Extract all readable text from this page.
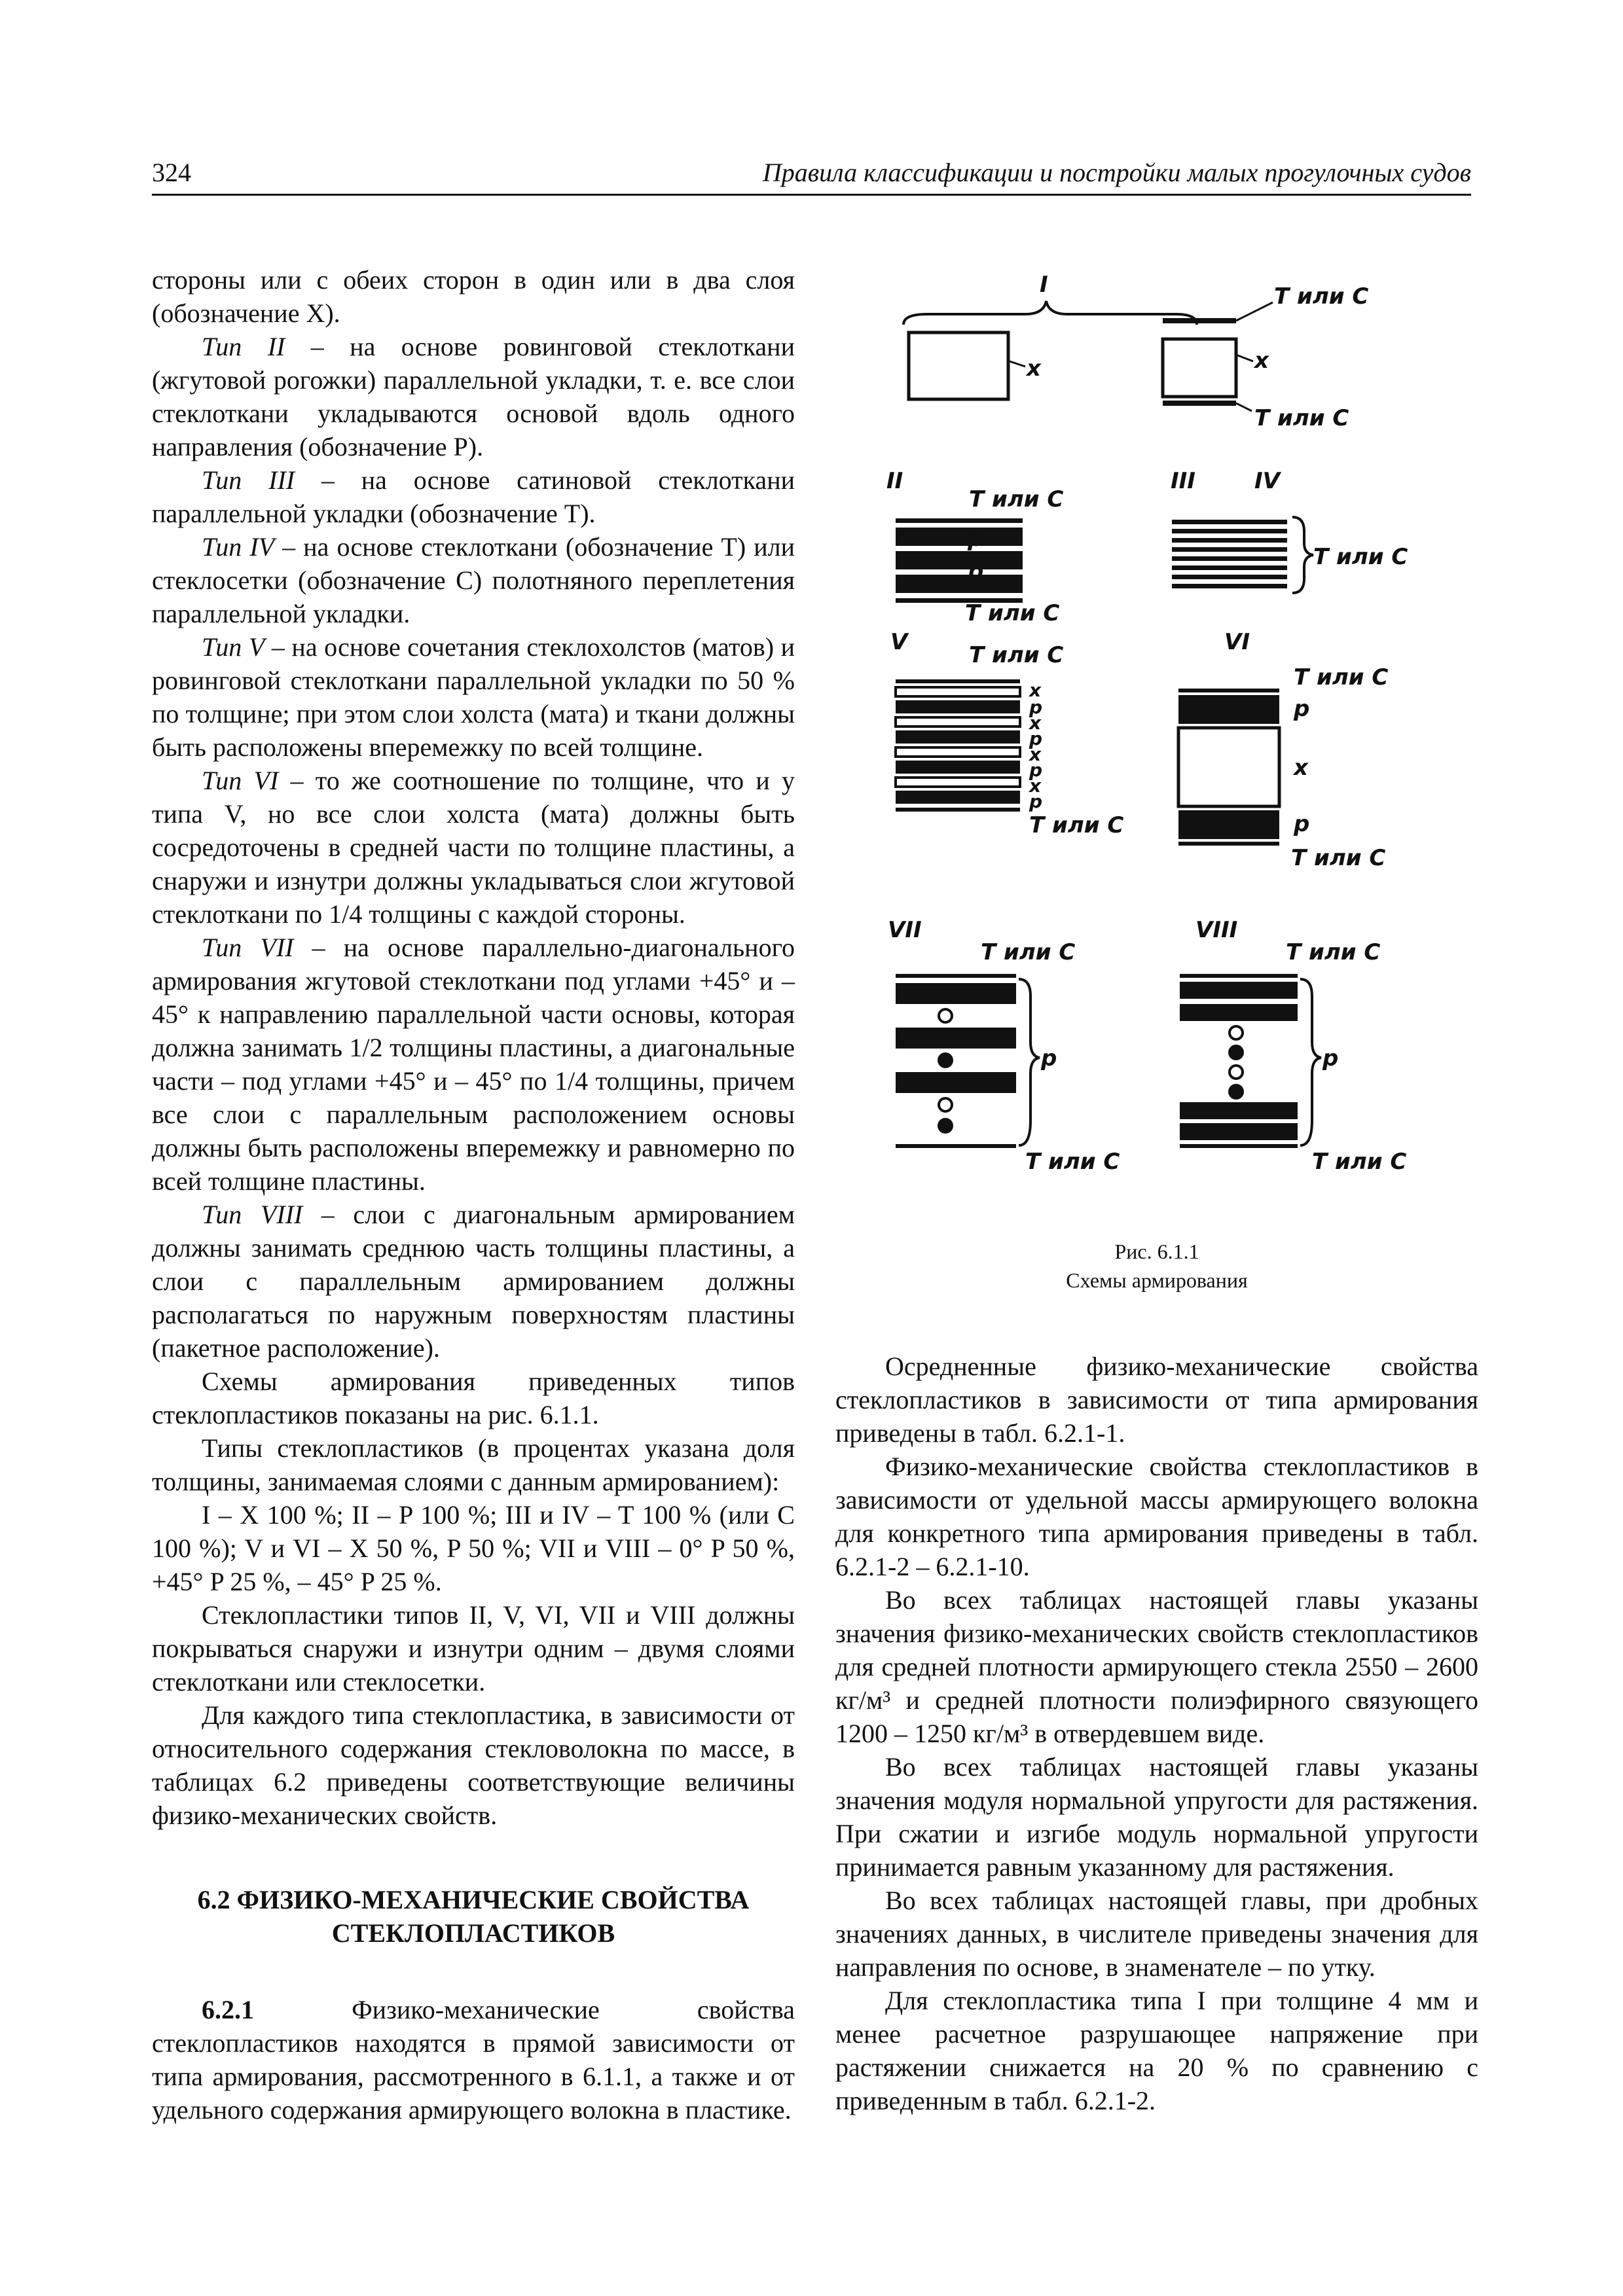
324	Правила классификации и постройки малых прогулочных судов

стороны или с обеих сторон в один или в два слоя (обозначение Х).

Тип II – на основе ровинговой стеклоткани (жгутовой рогожки) параллельной укладки, т. е. все слои стеклоткани укладываются основой вдоль одного направления (обозначение Р).

Тип III – на основе сатиновой стеклоткани параллельной укладки (обозначение Т).

Тип IV – на основе стеклоткани (обозначение Т) или стеклосетки (обозначение С) полотняного переплетения параллельной укладки.

Тип V – на основе сочетания стеклохолстов (матов) и ровинговой стеклоткани параллельной укладки по 50 % по толщине; при этом слои холста (мата) и ткани должны быть расположены вперемежку по всей толщине.

Тип VI – то же соотношение по толщине, что и у типа V, но все слои холста (мата) должны быть сосредоточены в средней части по толщине пластины, а снаружи и изнутри должны укладываться слои жгутовой стеклоткани по 1/4 толщины с каждой стороны.

Тип VII – на основе параллельно-диагонального армирования жгутовой стеклоткани под углами +45° и – 45° к направлению параллельной части основы, которая должна занимать 1/2 толщины пластины, а диагональные части – под углами +45° и – 45° по 1/4 толщины, причем все слои с параллельным расположением основы должны быть расположены вперемежку и равномерно по всей толщине пластины.

Тип VIII – слои с диагональным армированием должны занимать среднюю часть толщины пластины, а слои с параллельным армированием должны располагаться по наружным поверхностям пластины (пакетное расположение).

Схемы армирования приведенных типов стеклопластиков показаны на рис. 6.1.1.

Типы стеклопластиков (в процентах указана доля толщины, занимаемая слоями с данным армированием):

I – X 100 %; II – P 100 %; III и IV – T 100 % (или С 100 %); V и VI – X 50 %, P 50 %; VII и VIII – 0° P 50 %, +45° P 25 %, – 45° P 25 %.

Стеклопластики типов II, V, VI, VII и VIII должны покрываться снаружи и изнутри одним – двумя слоями стеклоткани или стеклосетки.

Для каждого типа стеклопластика, в зависимости от относительного содержания стекловолокна по массе, в таблицах 6.2 приведены соответствующие величины физико-механических свойств.

6.2 ФИЗИКО-МЕХАНИЧЕСКИЕ СВОЙСТВА
СТЕКЛОПЛАСТИКОВ

6.2.1 Физико-механические свойства стеклопластиков находятся в прямой зависимости от типа армирования, рассмотренного в 6.1.1, а также и от удельного содержания армирующего волокна в пластике.

I
х	х
Т или С
Т или С
II
Т или С
р
р
Т или С
III	IV
Т или С
V	Т или С
х
р
х
р
х
р
х
р
Т или С
VI
Т или С
р
х
р
Т или С
VII
Т или С
р
Т или С
VIII
Т или С
р
Т или С
Рис. 6.1.1
Схемы армирования

Осредненные физико-механические свойства стеклопластиков в зависимости от типа армирования приведены в табл. 6.2.1-1.

Физико-механические свойства стеклопластиков в зависимости от удельной массы армирующего волокна для конкретного типа армирования приведены в табл. 6.2.1-2 – 6.2.1-10.

Во всех таблицах настоящей главы указаны значения физико-механических свойств стеклопластиков для средней плотности армирующего стекла 2550 – 2600 кг/м³ и средней плотности полиэфирного связующего 1200 – 1250 кг/м³ в отвердевшем виде.

Во всех таблицах настоящей главы указаны значения модуля нормальной упругости для растяжения. При сжатии и изгибе модуль нормальной упругости принимается равным указанному для растяжения.

Во всех таблицах настоящей главы, при дробных значениях данных, в числителе приведены значения для направления по основе, в знаменателе – по утку.

Для стеклопластика типа I при толщине 4 мм и менее расчетное разрушающее напряжение при растяжении снижается на 20 % по сравнению с приведенным в табл. 6.2.1-2.
